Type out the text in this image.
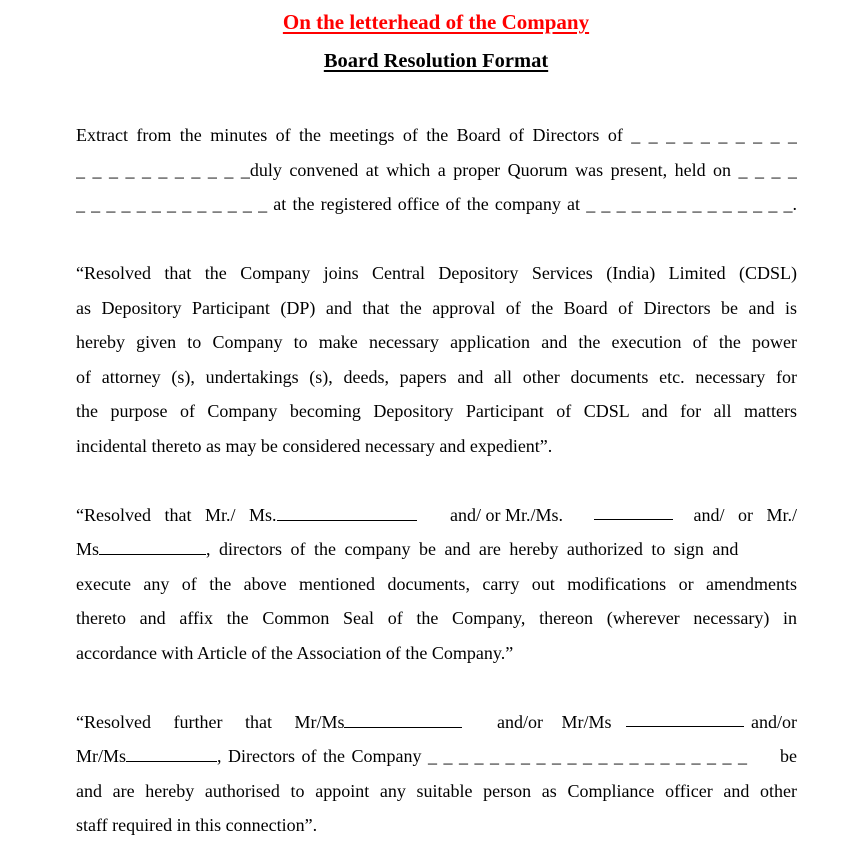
On the letterhead of the Company
Board Resolution Format
Extract from the minutes of the meetings of the Board of Directors of _ _ _ _ _ _ _ _ _ _
_ _ _ _ _ _ _ _ _ _ _duly convened at which a proper Quorum was present, held on _ _ _ _
_ _ _ _ _ _ _ _ _ _ _ _ _ at the registered office of the company at _ _ _ _ _ _ _ _ _ _ _ _ _ _.
“Resolved that the Company joins Central Depository Services (India) Limited (CDSL)
as Depository Participant (DP) and that the approval of the Board of Directors be and is
hereby given to Company to make necessary application and the execution of the power
of attorney (s), undertakings (s), deeds, papers and all other documents etc. necessary for
the purpose of Company becoming Depository Participant of CDSL and for all matters
incidental thereto as may be considered necessary and expedient”.
“Resolved that Mr./ Ms.	and/ or Mr./Ms.	and/ or Mr./
Ms	, directors of the company be and are hereby authorized to sign and
execute any of the above mentioned documents, carry out modifications or amendments
thereto and affix the Common Seal of the Company, thereon (wherever necessary) in
accordance with Article of the Association of the Company.”
“Resolved further that Mr/Ms	and/or Mr/Ms	and/or
Mr/Ms	, Directors of the Company _ _ _ _ _ _ _ _ _ _ _ _ _ _ _ _ _ _ _ _ _ be
and are hereby authorised to appoint any suitable person as Compliance officer and other
staff required in this connection”.
